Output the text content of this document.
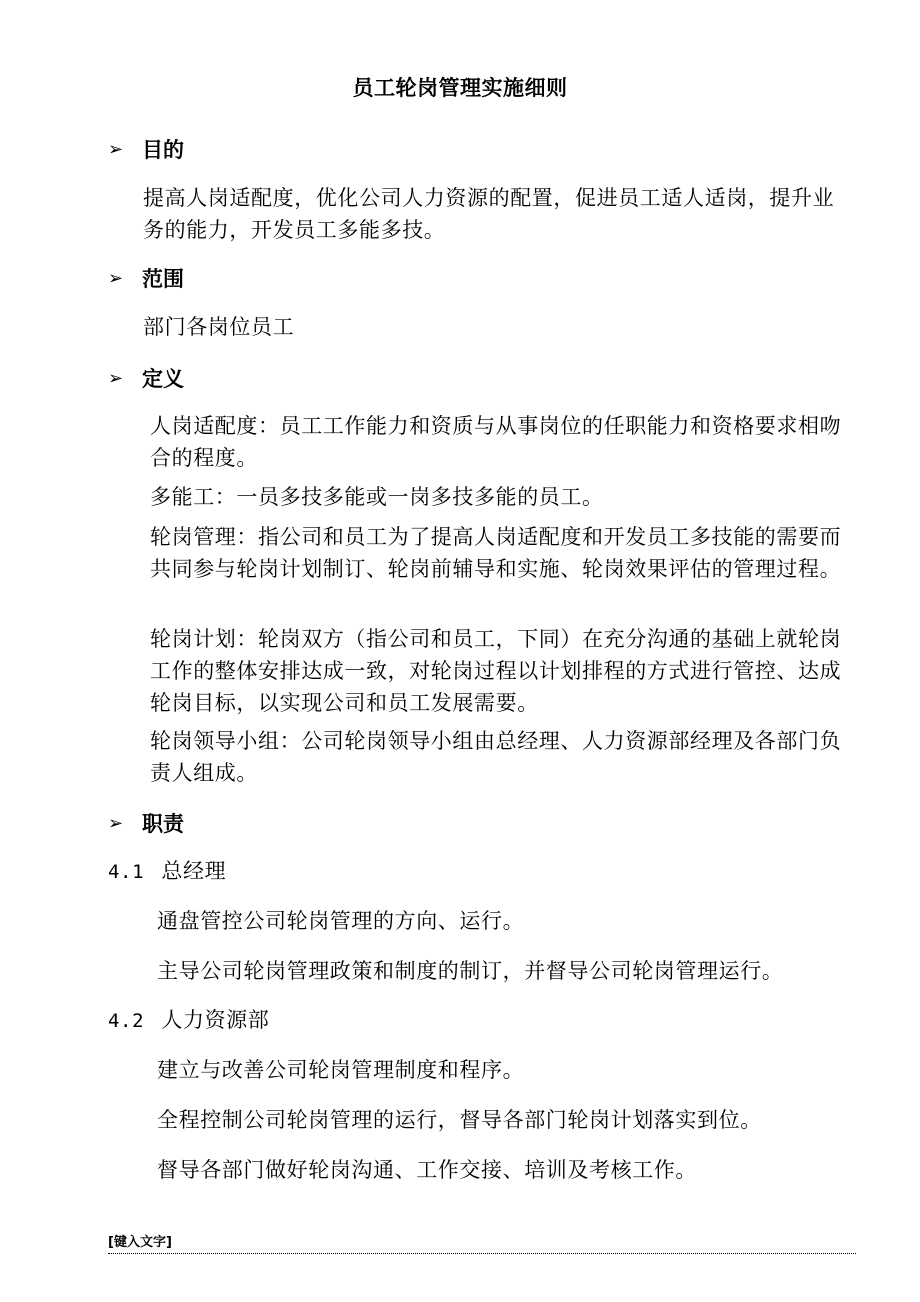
员工轮岗管理实施细则
➢ 目的
提高人岗适配度，优化公司人力资源的配置，促进员工适人适岗，提升业务的能力，开发员工多能多技。
➢ 范围
部门各岗位员工
➢ 定义
人岗适配度：员工工作能力和资质与从事岗位的任职能力和资格要求相吻合的程度。
多能工：一员多技多能或一岗多技多能的员工。
轮岗管理：指公司和员工为了提高人岗适配度和开发员工多技能的需要而共同参与轮岗计划制订、轮岗前辅导和实施、轮岗效果评估的管理过程。
轮岗计划：轮岗双方（指公司和员工，下同）在充分沟通的基础上就轮岗工作的整体安排达成一致，对轮岗过程以计划排程的方式进行管控、达成轮岗目标，以实现公司和员工发展需要。
轮岗领导小组：公司轮岗领导小组由总经理、人力资源部经理及各部门负责人组成。
➢ 职责
4.1 总经理
通盘管控公司轮岗管理的方向、运行。
主导公司轮岗管理政策和制度的制订，并督导公司轮岗管理运行。
4.2 人力资源部
建立与改善公司轮岗管理制度和程序。
全程控制公司轮岗管理的运行，督导各部门轮岗计划落实到位。
督导各部门做好轮岗沟通、工作交接、培训及考核工作。
[键入文字]
